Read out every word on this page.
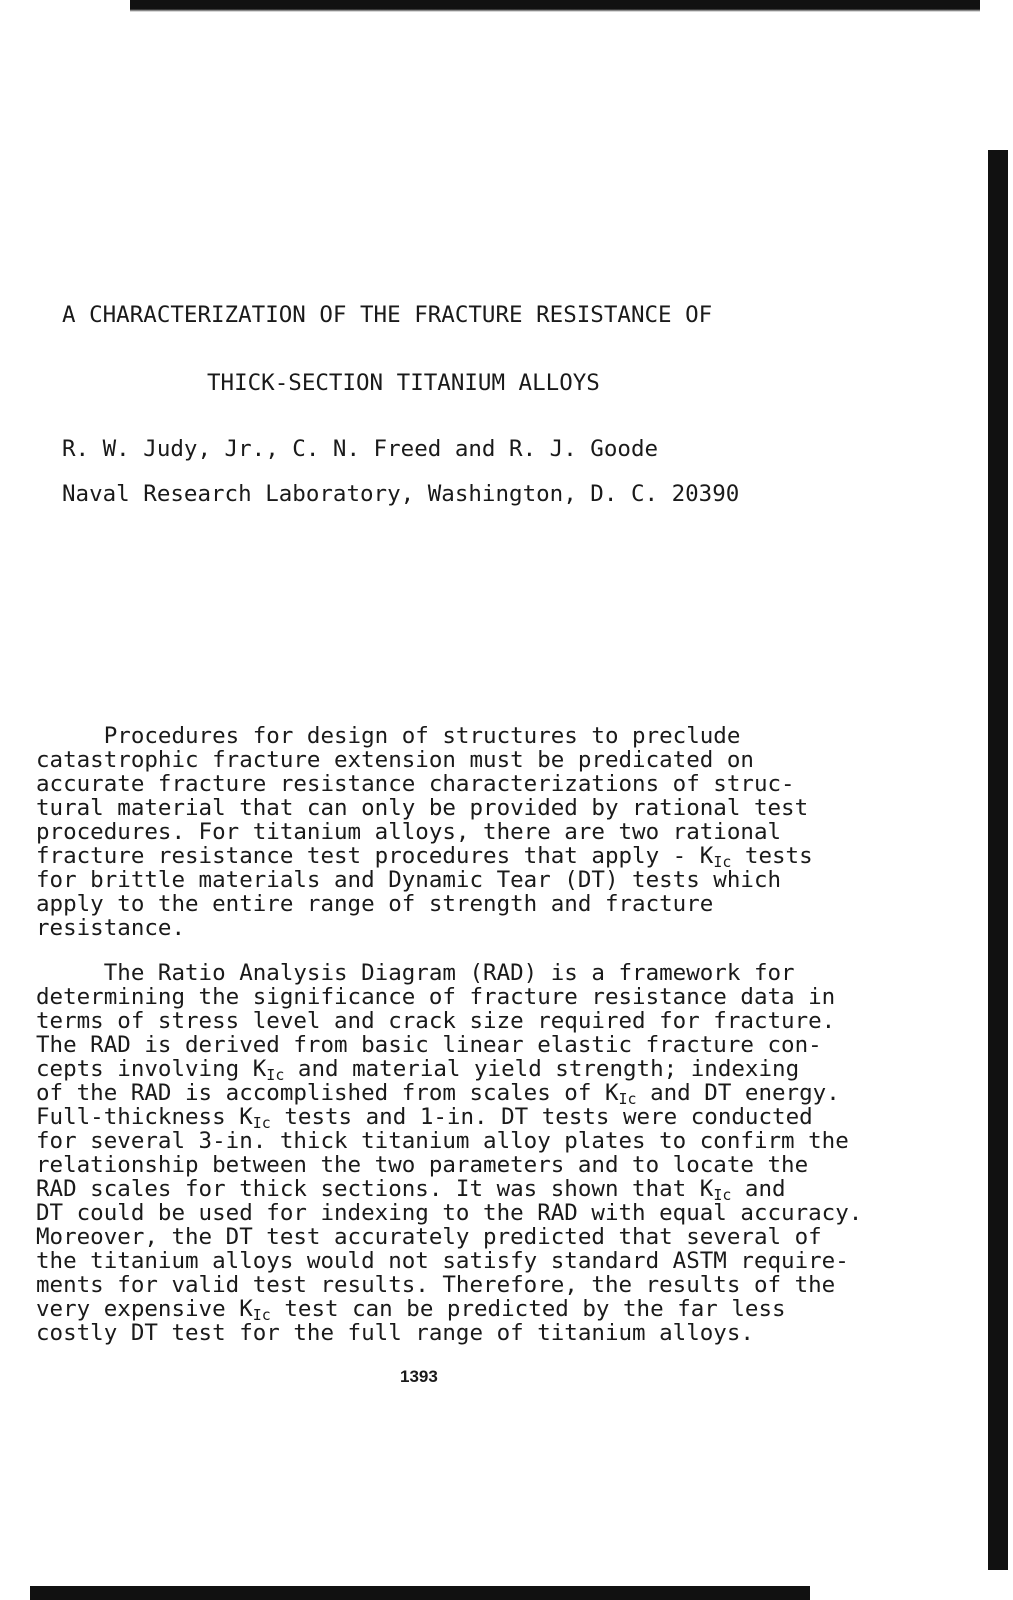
A CHARACTERIZATION OF THE FRACTURE RESISTANCE OF
THICK-SECTION TITANIUM ALLOYS
R. W. Judy, Jr., C. N. Freed and R. J. Goode
Naval Research Laboratory, Washington, D. C. 20390
Procedures for design of structures to preclude
catastrophic fracture extension must be predicated on
accurate fracture resistance characterizations of struc-
tural material that can only be provided by rational test
procedures. For titanium alloys, there are two rational
fracture resistance test procedures that apply - $K_{Ic}$ tests
for brittle materials and Dynamic Tear (DT) tests which
apply to the entire range of strength and fracture
resistance.
The Ratio Analysis Diagram (RAD) is a framework for
determining the significance of fracture resistance data in
terms of stress level and crack size required for fracture.
The RAD is derived from basic linear elastic fracture con-
cepts involving $K_{Ic}$ and material yield strength; indexing
of the RAD is accomplished from scales of $K_{Ic}$ and DT energy.
Full-thickness $K_{Ic}$ tests and 1-in. DT tests were conducted
for several 3-in. thick titanium alloy plates to confirm the
relationship between the two parameters and to locate the
RAD scales for thick sections. It was shown that $K_{Ic}$ and
DT could be used for indexing to the RAD with equal accuracy.
Moreover, the DT test accurately predicted that several of
the titanium alloys would not satisfy standard ASTM require-
ments for valid test results. Therefore, the results of the
very expensive $K_{Ic}$ test can be predicted by the far less
costly DT test for the full range of titanium alloys.
1393
